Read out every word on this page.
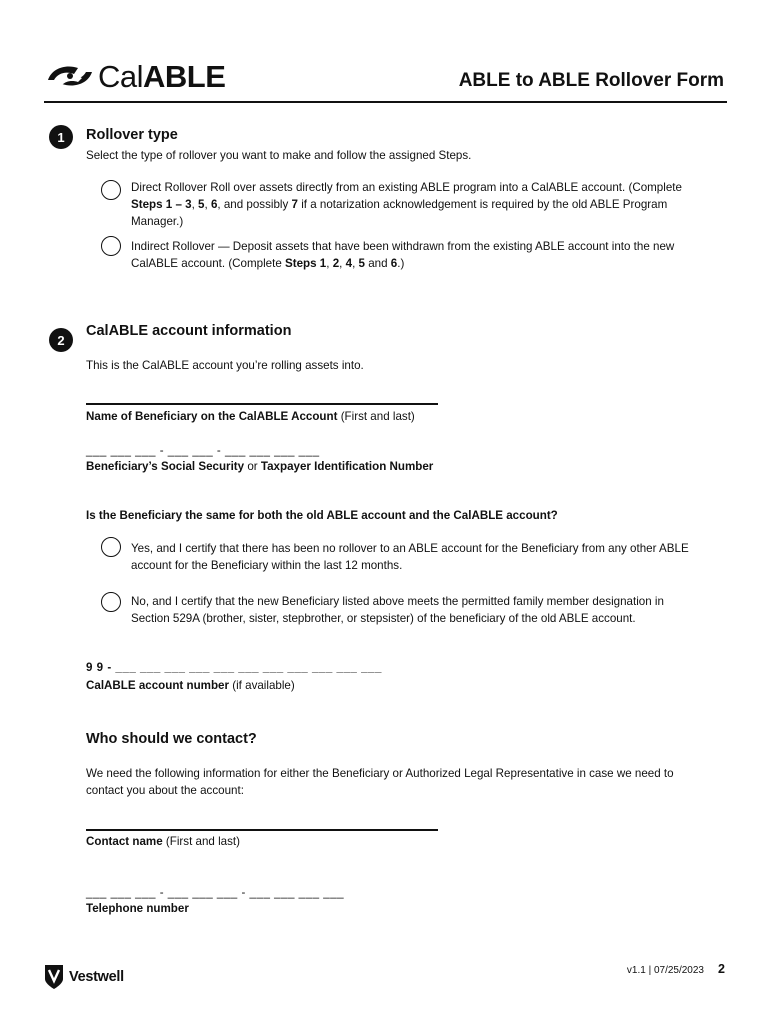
CalABLE	ABLE to ABLE Rollover Form
1	Rollover type
Select the type of rollover you want to make and follow the assigned Steps.
Direct Rollover Roll over assets directly from an existing ABLE program into a CalABLE account. (Complete Steps 1 – 3, 5, 6, and possibly 7 if a notarization acknowledgement is required by the old ABLE Program Manager.)
Indirect Rollover — Deposit assets that have been withdrawn from the existing ABLE account into the new CalABLE account. (Complete Steps 1, 2, 4, 5 and 6.)
2
CalABLE account information
This is the CalABLE account you’re rolling assets into.
Name of Beneficiary on the CalABLE Account (First and last)
___ ___ ___ - ___ ___ - ___ ___ ___ ___
Beneficiary’s Social Security or Taxpayer Identification Number
Is the Beneficiary the same for both the old ABLE account and the CalABLE account?
Yes, and I certify that there has been no rollover to an ABLE account for the Beneficiary from any other ABLE account for the Beneficiary within the last 12 months.
No, and I certify that the new Beneficiary listed above meets the permitted family member designation in Section 529A (brother, sister, stepbrother, or stepsister) of the beneficiary of the old ABLE account.
9 9 - ___ ___ ___ ___ ___ ___ ___ ___ ___ ___ ___
CalABLE account number (if available)
Who should we contact?
We need the following information for either the Beneficiary or Authorized Legal Representative in case we need to contact you about the account:
Contact name (First and last)
___ ___ ___ - ___ ___ ___ - ___ ___ ___ ___
Telephone number
Vestwell	v1.1 | 07/25/2023 2
